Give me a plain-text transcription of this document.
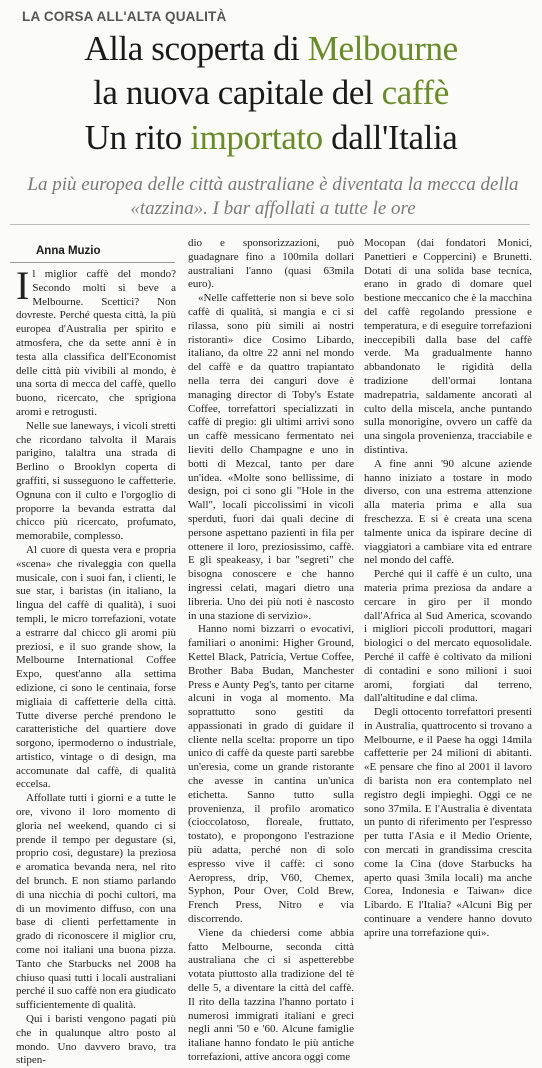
LA CORSA ALL'ALTA QUALITÀ
Alla scoperta di Melbourne
la nuova capitale del caffè
Un rito importato dall'Italia
La più europea delle città australiane è diventata la mecca della «tazzina». I bar affollati a tutte le ore
Anna Muzio

Il miglior caffè del mondo? Secondo molti si beve a Melbourne. Scettici? Non dovreste. Perché questa città, la più europea d'Australia per spirito e atmosfera, che da sette anni è in testa alla classifica dell'Economist delle città più vivibili al mondo, è una sorta di mecca del caffè, quello buono, ricercato, che sprigiona aromi e retrogusti.

Nelle sue laneways, i vicoli stretti che ricordano talvolta il Marais parigino, talaltra una strada di Berlino o Brooklyn coperta di graffiti, si susseguono le caffetterie. Ognuna con il culto e l'orgoglio di proporre la bevanda estratta dal chicco più ricercato, profumato, memorabile, complesso.

Al cuore di questa vera e propria «scena» che rivaleggia con quella musicale, con i suoi fan, i clienti, le sue star, i baristas (in italiano, la lingua del caffè di qualità), i suoi templi, le micro torrefazioni, votate a estrarre dal chicco gli aromi più preziosi, e il suo grande show, la Melbourne International Coffee Expo, quest'anno alla settima edizione, ci sono le centinaia, forse migliaia di caffetterie della città. Tutte diverse perché prendono le caratteristiche del quartiere dove sorgono, ipermoderno o industriale, artistico, vintage o di design, ma accomunate dal caffè, di qualità eccelsa.

Affollate tutti i giorni e a tutte le ore, vivono il loro momento di gloria nel weekend, quando ci si prende il tempo per degustare (sì, proprio così, degustare) la preziosa e aromatica bevanda nera, nel rito del brunch. E non stiamo parlando di una nicchia di pochi cultori, ma di un movimento diffuso, con una base di clienti perfettamente in grado di riconoscere il miglior cru, come noi italiani una buona pizza. Tanto che Starbucks nel 2008 ha chiuso quasi tutti i locali australiani perché il suo caffè non era giudicato sufficientemente di qualità.

Qui i baristi vengono pagati più che in qualunque altro posto al mondo. Uno davvero bravo, tra stipen-

dio e sponsorizzazioni, può guadagnare fino a 100mila dollari australiani l'anno (quasi 63mila euro).

«Nelle caffetterie non si beve solo caffè di qualità, si mangia e ci si rilassa, sono più simili ai nostri ristoranti» dice Cosimo Libardo, italiano, da oltre 22 anni nel mondo del caffè e da quattro trapiantato nella terra dei canguri dove è managing director di Toby's Estate Coffee, torrefattori specializzati in caffè di pregio: gli ultimi arrivi sono un caffè messicano fermentato nei lieviti dello Champagne e uno in botti di Mezcal, tanto per dare un'idea. «Molte sono bellissime, di design, poi ci sono gli "Hole in the Wall", locali piccolissimi in vicoli sperduti, fuori dai quali decine di persone aspettano pazienti in fila per ottenere il loro, preziosissimo, caffè. E gli speakeasy, i bar "segreti" che bisogna conoscere e che hanno ingressi celati, magari dietro una libreria. Uno dei più noti è nascosto in una stazione di servizio».

Hanno nomi bizzarri o evocativi, familiari o anonimi: Higher Ground, Kettel Black, Patricia, Vertue Coffee, Brother Baba Budan, Manchester Press e Aunty Peg's, tanto per citarne alcuni in voga al momento. Ma soprattutto sono gestiti da appassionati in grado di guidare il cliente nella scelta: proporre un tipo unico di caffè da queste parti sarebbe un'eresia, come un grande ristorante che avesse in cantina un'unica etichetta. Sanno tutto sulla provenienza, il profilo aromatico (cioccolatoso, floreale, fruttato, tostato), e propongono l'estrazione più adatta, perché non di solo espresso vive il caffè: ci sono Aeropress, drip, V60, Chemex, Syphon, Pour Over, Cold Brew, French Press, Nitro e via discorrendo.

Viene da chiedersi come abbia fatto Melbourne, seconda città australiana che ci si aspetterebbe votata piuttosto alla tradizione del tè delle 5, a diventare la città del caffè. Il rito della tazzina l'hanno portato i numerosi immigrati italiani e greci negli anni '50 e '60. Alcune famiglie italiane hanno fondato le più antiche torrefazioni, attive ancora oggi come

Mocopan (dai fondatori Monici, Panettieri e Coppercini) e Brunetti. Dotati di una solida base tecnica, erano in grado di domare quel bestione meccanico che è la macchina del caffè regolando pressione e temperatura, e di eseguire torrefazioni ineccepibili dalla base del caffè verde. Ma gradualmente hanno abbandonato le rigidità della tradizione dell'ormai lontana madrepatria, saldamente ancorati al culto della miscela, anche puntando sulla monorigine, ovvero un caffè da una singola provenienza, tracciabile e distintiva.

A fine anni '90 alcune aziende hanno iniziato a tostare in modo diverso, con una estrema attenzione alla materia prima e alla sua freschezza. E si è creata una scena talmente unica da ispirare decine di viaggiatori a cambiare vita ed entrare nel mondo del caffè.

Perché qui il caffè è un culto, una materia prima preziosa da andare a cercare in giro per il mondo dall'Africa al Sud America, scovando i migliori piccoli produttori, magari biologici o del mercato equosolidale. Perché il caffè è coltivato da milioni di contadini e sono milioni i suoi aromi, forgiati dal terreno, dall'altitudine e dal clima.

Degli ottocento torrefattori presenti in Australia, quattrocento si trovano a Melbourne, e il Paese ha oggi 14mila caffetterie per 24 milioni di abitanti. «E pensare che fino al 2001 il lavoro di barista non era contemplato nel registro degli impieghi. Oggi ce ne sono 37mila. E l'Australia è diventata un punto di riferimento per l'espresso per tutta l'Asia e il Medio Oriente, con mercati in grandissima crescita come la Cina (dove Starbucks ha aperto quasi 3mila locali) ma anche Corea, Indonesia e Taiwan» dice Libardo. E l'Italia? «Alcuni Big per continuare a vendere hanno dovuto aprire una torrefazione qui».
